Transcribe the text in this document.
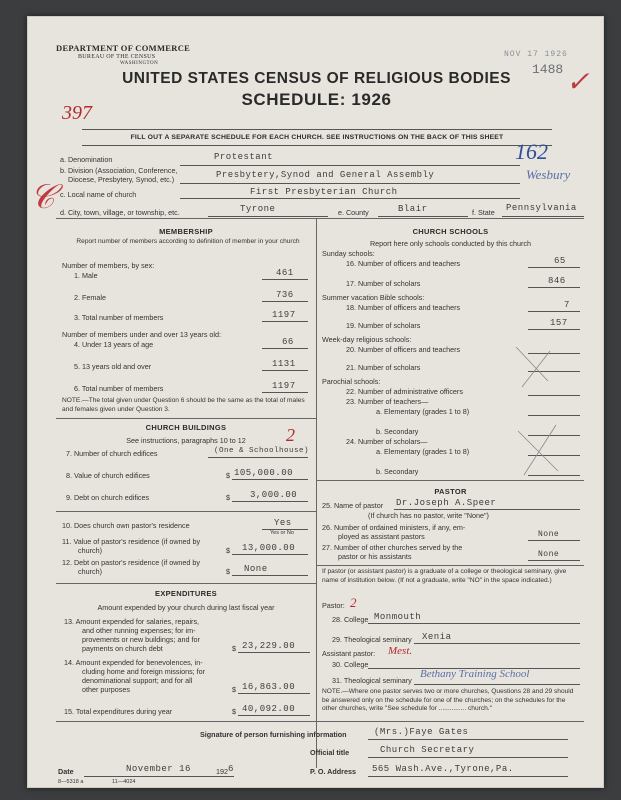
DEPARTMENT OF COMMERCE
BUREAU OF THE CENSUS
WASHINGTON
NOV 17 1926
1488 ✓
UNITED STATES CENSUS OF RELIGIOUS BODIES
SCHEDULE: 1926
397
FILL OUT A SEPARATE SCHEDULE FOR EACH CHURCH. SEE INSTRUCTIONS ON THE BACK OF THIS SHEET
162
a. Denomination	Protestant
b. Division (Association, Conference,
Diocese, Presbytery, Synod, etc.)	Presbytery,Synod and General Assembly	Wesbury
𝒞 c. Local name of church	First Presbyterian Church
d. City, town, village, or township, etc.	Tyrone	e. County	Blair	f. State Pennsylvania
MEMBERSHIP
Report number of members according to definition of member in your church
Number of members, by sex:
1. Male	461
2. Female	736
3. Total number of members	1197
Number of members under and over 13 years old:
4. Under 13 years of age	66
5. 13 years old and over	1131
6. Total number of members	1197
NOTE.—The total given under Question 6 should be the same as the total of males and females given under Question 3.
CHURCH BUILDINGS
See instructions, paragraphs 10 to 12	2
7. Number of church edifices	(One & Schoolhouse)
8. Value of church edifices	$ 105,000.00
9. Debt on church edifices	$ 3,000.00
10. Does church own pastor's residence	Yes
Yes or No
11. Value of pastor's residence (if owned by
church)	$ 13,000.00
12. Debt on pastor's residence (if owned by
church)	$ None
EXPENDITURES
Amount expended by your church during last fiscal year
13. Amount expended for salaries, repairs,
and other running expenses; for im-
provements or new buildings; and for
payments on church debt	$ 23,229.00
14. Amount expended for benevolences, in-
cluding home and foreign missions; for
denominational support; and for all
other purposes	$ 16,863.00
15. Total expenditures during year	$ 40,092.00
CHURCH SCHOOLS
Report here only schools conducted by this church
Sunday schools:
16. Number of officers and teachers	65
17. Number of scholars	846
Summer vacation Bible schools:
18. Number of officers and teachers	7
19. Number of scholars	157
Week-day religious schools:
20. Number of officers and teachers
21. Number of scholars
Parochial schools:
22. Number of administrative officers
23. Number of teachers—
a. Elementary (grades 1 to 8)
b. Secondary
24. Number of scholars—
a. Elementary (grades 1 to 8)
b. Secondary
PASTOR
25. Name of pastor Dr.Joseph A.Speer
(If church has no pastor, write "None")
26. Number of ordained ministers, if any, em-
ployed as assistant pastors	None
27. Number of other churches served by the
pastor or his assistants	None
If pastor (or assistant pastor) is a graduate of a college or theological seminary, give name of institution below. (If not a graduate, write "NO" in the space indicated.)
Pastor: 2
28. College Monmouth
29. Theological seminary Xenia
Assistant pastor: Mest.
30. College
31. Theological seminary
Bethany Training School
NOTE.—Where one pastor serves two or more churches, Questions 28 and 29 should be answered only on the schedule for one of the churches; on the schedules for the other churches, write "See schedule for ............... church."
Signature of person furnishing information	(Mrs.)Faye Gates
Official title	Church Secretary
Date	November 16	192 6	P. O. Address 565 Wash.Ave.,Tyrone,Pa.
8—5318 a	11—4024
